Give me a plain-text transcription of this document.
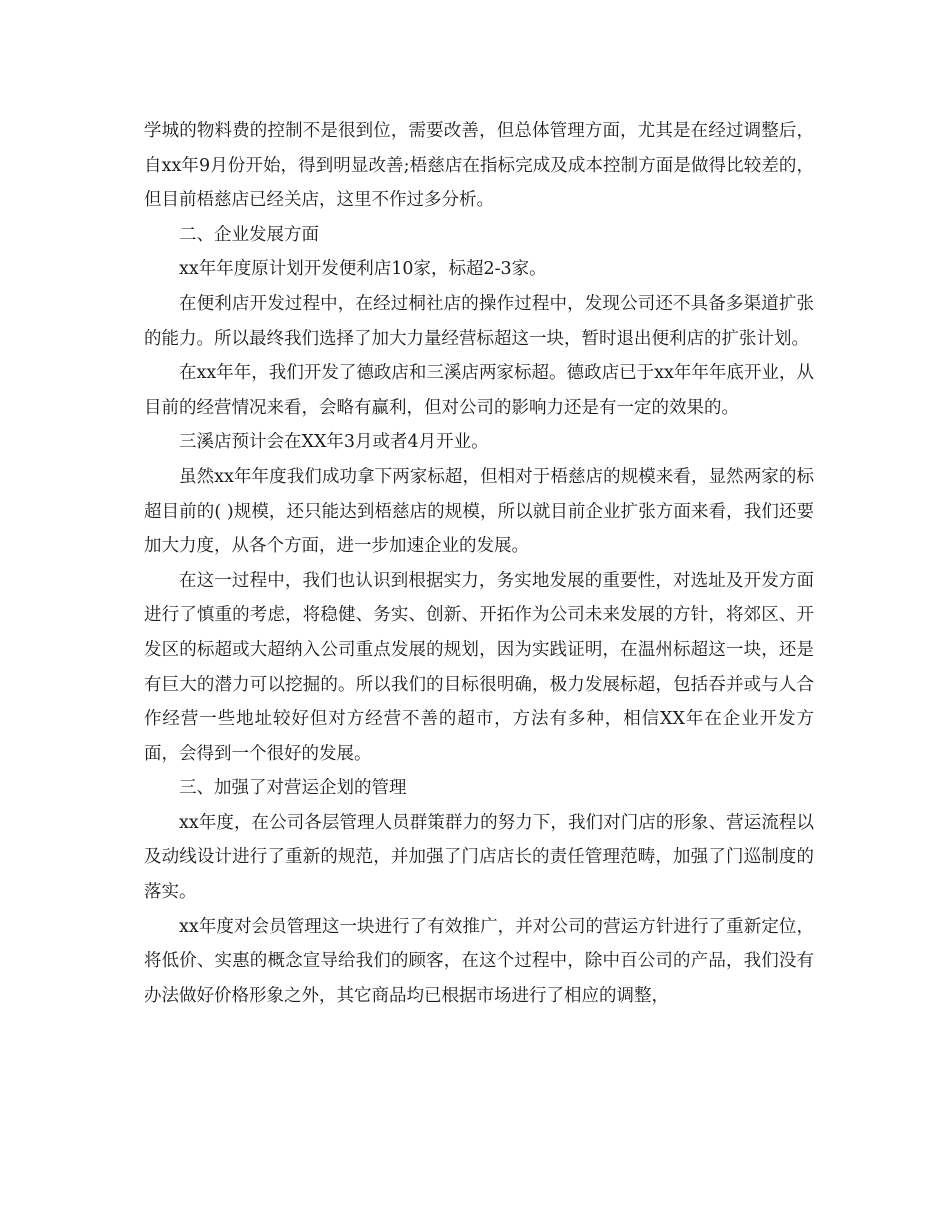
学城的物料费的控制不是很到位，需要改善，但总体管理方面，尤其是在经过调整后，自xx年9月份开始，得到明显改善;梧慈店在指标完成及成本控制方面是做得比较差的，但目前梧慈店已经关店，这里不作过多分析。

二、企业发展方面

xx年年度原计划开发便利店10家，标超2-3家。

在便利店开发过程中，在经过桐社店的操作过程中，发现公司还不具备多渠道扩张的能力。所以最终我们选择了加大力量经营标超这一块，暂时退出便利店的扩张计划。

在xx年年，我们开发了德政店和三溪店两家标超。德政店已于xx年年年底开业，从目前的经营情况来看，会略有赢利，但对公司的影响力还是有一定的效果的。

三溪店预计会在XX年3月或者4月开业。

虽然xx年年度我们成功拿下两家标超，但相对于梧慈店的规模来看，显然两家的标超目前的( )规模，还只能达到梧慈店的规模，所以就目前企业扩张方面来看，我们还要加大力度，从各个方面，进一步加速企业的发展。

在这一过程中，我们也认识到根据实力，务实地发展的重要性，对选址及开发方面进行了慎重的考虑，将稳健、务实、创新、开拓作为公司未来发展的方针，将郊区、开发区的标超或大超纳入公司重点发展的规划，因为实践证明，在温州标超这一块，还是有巨大的潜力可以挖掘的。所以我们的目标很明确，极力发展标超，包括吞并或与人合作经营一些地址较好但对方经营不善的超市，方法有多种，相信XX年在企业开发方面，会得到一个很好的发展。

三、加强了对营运企划的管理

xx年度，在公司各层管理人员群策群力的努力下，我们对门店的形象、营运流程以及动线设计进行了重新的规范，并加强了门店店长的责任管理范畴，加强了门巡制度的落实。

xx年度对会员管理这一块进行了有效推广，并对公司的营运方针进行了重新定位，将低价、实惠的概念宣导给我们的顾客，在这个过程中，除中百公司的产品，我们没有办法做好价格形象之外，其它商品均已根据市场进行了相应的调整，
